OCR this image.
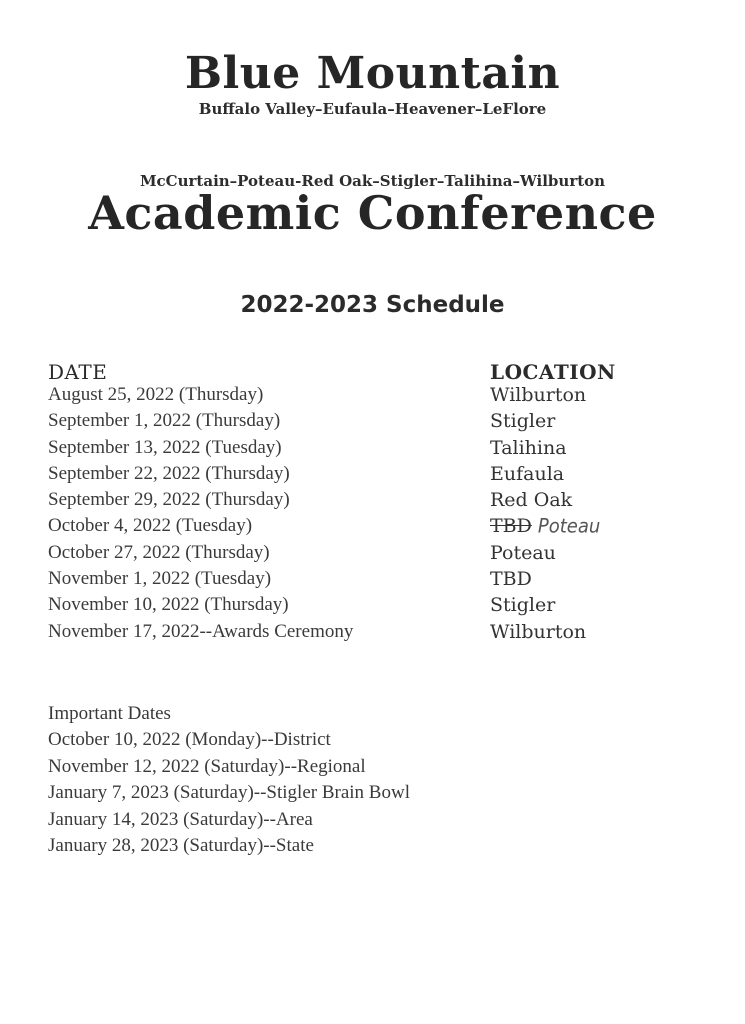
Blue Mountain
Buffalo Valley–Eufaula–Heavener–LeFlore
McCurtain–Poteau-Red Oak–Stigler–Talihina–Wilburton
Academic Conference
2022-2023 Schedule
DATE	LOCATION
August 25, 2022 (Thursday)	Wilburton
September 1, 2022 (Thursday)	Stigler
September 13, 2022 (Tuesday)	Talihina
September 22, 2022 (Thursday)	Eufaula
September 29, 2022 (Thursday)	Red Oak
October 4, 2022 (Tuesday)	TBD Poteau
October 27, 2022 (Thursday)	Poteau
November 1, 2022 (Tuesday)	TBD
November 10, 2022 (Thursday)	Stigler
November 17, 2022--Awards Ceremony	Wilburton
Important Dates
October 10, 2022 (Monday)--District
November 12, 2022 (Saturday)--Regional
January 7, 2023 (Saturday)--Stigler Brain Bowl
January 14, 2023 (Saturday)--Area
January 28, 2023 (Saturday)--State
